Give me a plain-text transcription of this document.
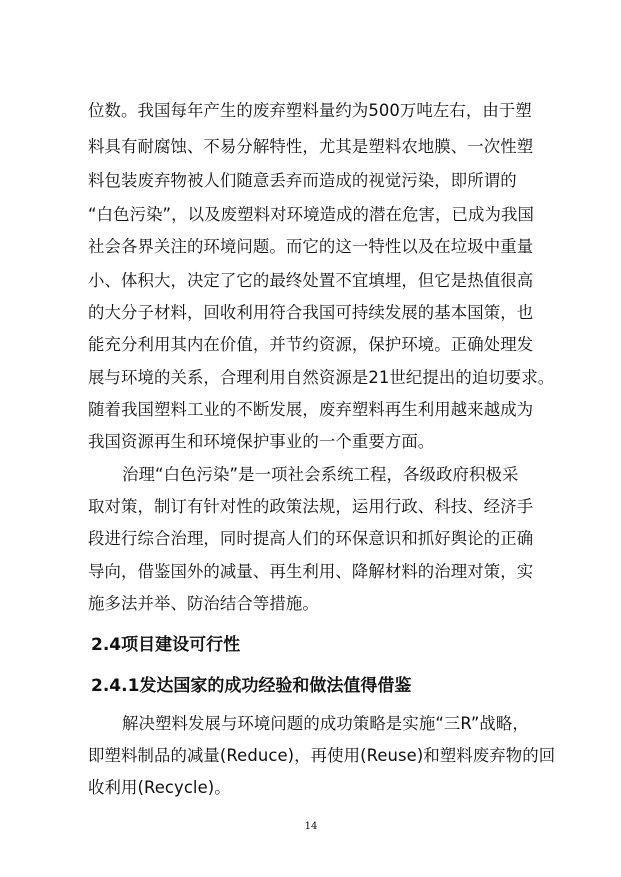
位数。我国每年产生的废弃塑料量约为500万吨左右，由于塑
料具有耐腐蚀、不易分解特性，尤其是塑料农地膜、一次性塑
料包装废弃物被人们随意丢弃而造成的视觉污染，即所谓的
“白色污染”，以及废塑料对环境造成的潜在危害，已成为我国
社会各界关注的环境问题。而它的这一特性以及在垃圾中重量
小、体积大，决定了它的最终处置不宜填埋，但它是热值很高
的大分子材料，回收利用符合我国可持续发展的基本国策，也
能充分利用其内在价值，并节约资源，保护环境。正确处理发
展与环境的关系，合理利用自然资源是21世纪提出的迫切要求。
随着我国塑料工业的不断发展，废弃塑料再生利用越来越成为
我国资源再生和环境保护事业的一个重要方面。
治理“白色污染”是一项社会系统工程，各级政府积极采
取对策，制订有针对性的政策法规，运用行政、科技、经济手
段进行综合治理，同时提高人们的环保意识和抓好舆论的正确
导向，借鉴国外的减量、再生利用、降解材料的治理对策，实
施多法并举、防治结合等措施。
2.4项目建设可行性
2.4.1发达国家的成功经验和做法值得借鉴
解决塑料发展与环境问题的成功策略是实施“三R”战略，
即塑料制品的减量(Reduce)，再使用(Reuse)和塑料废弃物的回
收利用(Recycle)。
14
